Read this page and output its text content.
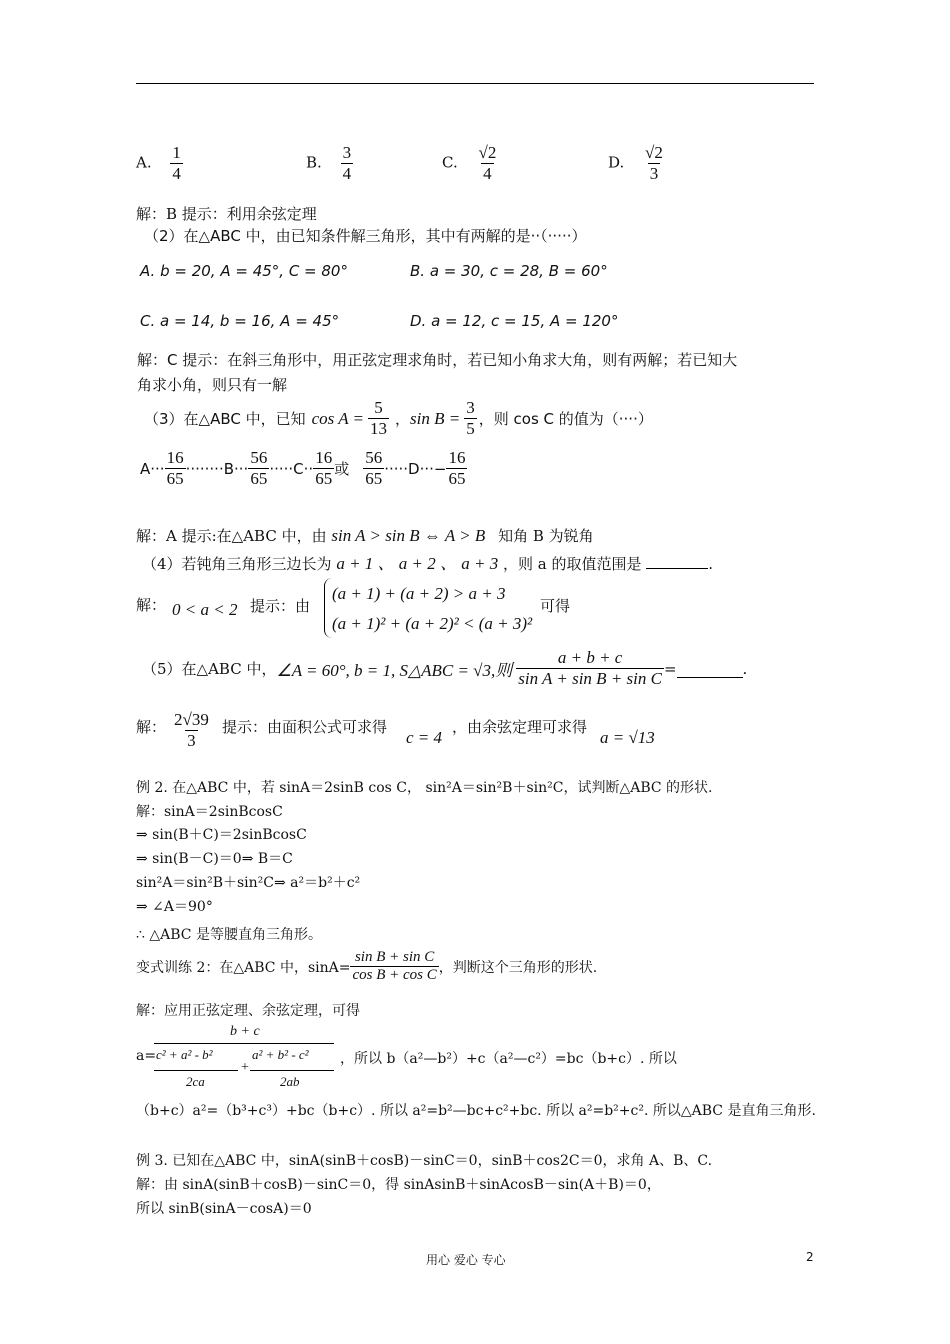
A. $\frac{1}{4}$	B. $\frac{3}{4}$	C. $\frac{√2}{4}$	D. $\frac{√2}{3}$
解：B 提示：利用余弦定理
（2）在△ABC 中，由已知条件解三角形，其中有两解的是··（·····）
A. b = 20, A = 45°, C = 80°	B. a = 30, c = 28, B = 60°
C. a = 14, b = 16, A = 45°	D. a = 12, c = 15, A = 120°
解：C 提示：在斜三角形中，用正弦定理求角时，若已知小角求大角，则有两解；若已知大
角求小角，则只有一解
（3）在△ABC 中，已知 $\cos A = \frac{5}{13}$ ， $\sin B = \frac{3}{5}$ ，则 cos C 的值为（····）
$A\cdot\cdot\cdot \frac{16}{65} \cdot\cdot\cdot\cdot\cdot\cdot\cdot\cdot B\cdot\cdot\cdot \frac{56}{65} \cdot\cdot\cdot\cdot\cdot C\cdot\cdot \frac{16}{65}$ 或 $\frac{56}{65} \cdot\cdot\cdot\cdot\cdot D\cdot\cdot\cdot- \frac{16}{65}$
解：A 提示:在△ABC 中，由 sin A > sin B ⇔ A > B 知角 B 为锐角
（4）若钝角三角形三边长为 a + 1 、 a + 2 、 a + 3 ，则 a 的取值范围是	.
解： 0 < a < 2 提示：由
(a + 1) + (a + 2) > a + 3
(a + 1)² + (a + 2)² < (a + 3)²
可得
（5）在△ABC 中， ∠A = 60°, b = 1, S△ABC = √3,则 $\frac{a + b + c}{\text{sin A + sin B + sin C}}$ =	.
解： $\frac{2√39}{3}$ 提示：由面积公式可求得
c = 4
，由余弦定理可求得
a = √13
例 2. 在△ABC 中，若 sinA＝2sinB cos C， sin²A＝sin²B＋sin²C，试判断△ABC 的形状.
解：sinA＝2sinBcosC
⇒ sin(B＋C)＝2sinBcosC
⇒ sin(B－C)＝0⇒ B＝C
sin²A＝sin²B＋sin²C⇒ a²＝b²＋c²
⇒ ∠A＝90°
∴ △ABC 是等腰直角三角形。
变式训练 2：在△ABC 中，$\sin A= \frac{\text{sin B + sin C}}{\text{cos B + cos C}}$ ，判断这个三角形的形状.
解：应用正弦定理、余弦定理，可得
a=
b + c
c² + a² - b²
2ca
+
a² + b² - c²
2ab
，所以 b（a²—b²）+c（a²—c²）=bc（b+c）. 所以
（b+c）a²=（b³+c³）+bc（b+c）. 所以 a²=b²—bc+c²+bc. 所以 a²=b²+c². 所以△ABC 是直角三角形.
例 3. 已知在△ABC 中，sinA(sinB＋cosB)－sinC＝0，sinB＋cos2C＝0，求角 A、B、C.
解：由 sinA(sinB＋cosB)－sinC＝0，得 sinAsinB＋sinAcosB－sin(A＋B)＝0，
所以 sinB(sinA－cosA)＝0
用心 爱心 专心	2
